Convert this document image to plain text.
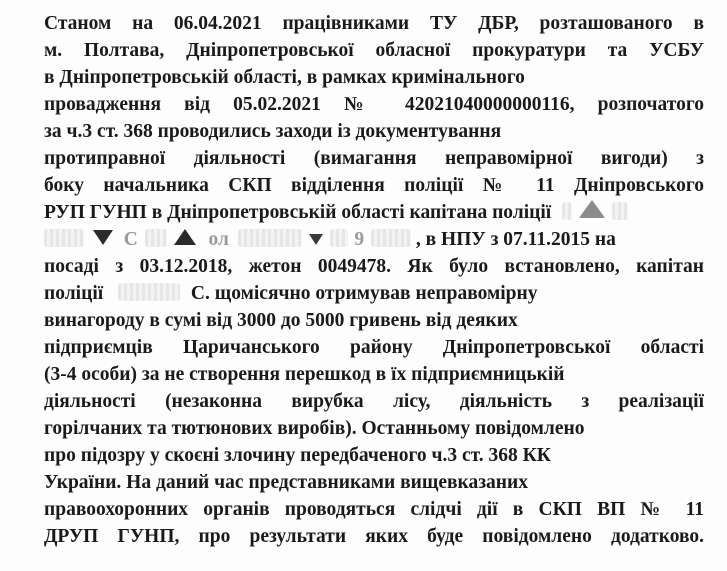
Станом на 06.04.2021 працівниками ТУ ДБР, розташованого в
м. Полтава, Дніпропетровської обласної прокуратури та УСБУ
в Дніпропетровській області, в рамках кримінального
провадження від 05.02.2021 № 42021040000000116, розпочатого
за ч.3 ст. 368 проводились заходи із документування
протиправної діяльності (вимагання неправомірної вигоди) з
боку начальника СКП відділення поліції № 11 Дніпровського
РУП ГУНП в Дніпропетровській області капітана поліції
С	ол	9	, в НПУ з 07.11.2015 на
посаді з 03.12.2018, жетон 0049478. Як було встановлено, капітан
поліції	С. щомісячно отримував неправомірну
винагороду в сумі від 3000 до 5000 гривень від деяких
підприємців Царичанського району Дніпропетровської області
(3-4 особи) за не створення перешкод в їх підприємницькій
діяльності (незаконна вирубка лісу, діяльність з реалізації
горілчаних та тютюнових виробів). Останньому повідомлено
про підозру у скоєні злочину передбаченого ч.3 ст. 368 КК
України. На даний час представниками вищевказаних
правоохоронних органів проводяться слідчі дії в СКП ВП № 11
ДРУП ГУНП, про результати яких буде повідомлено додатково.
